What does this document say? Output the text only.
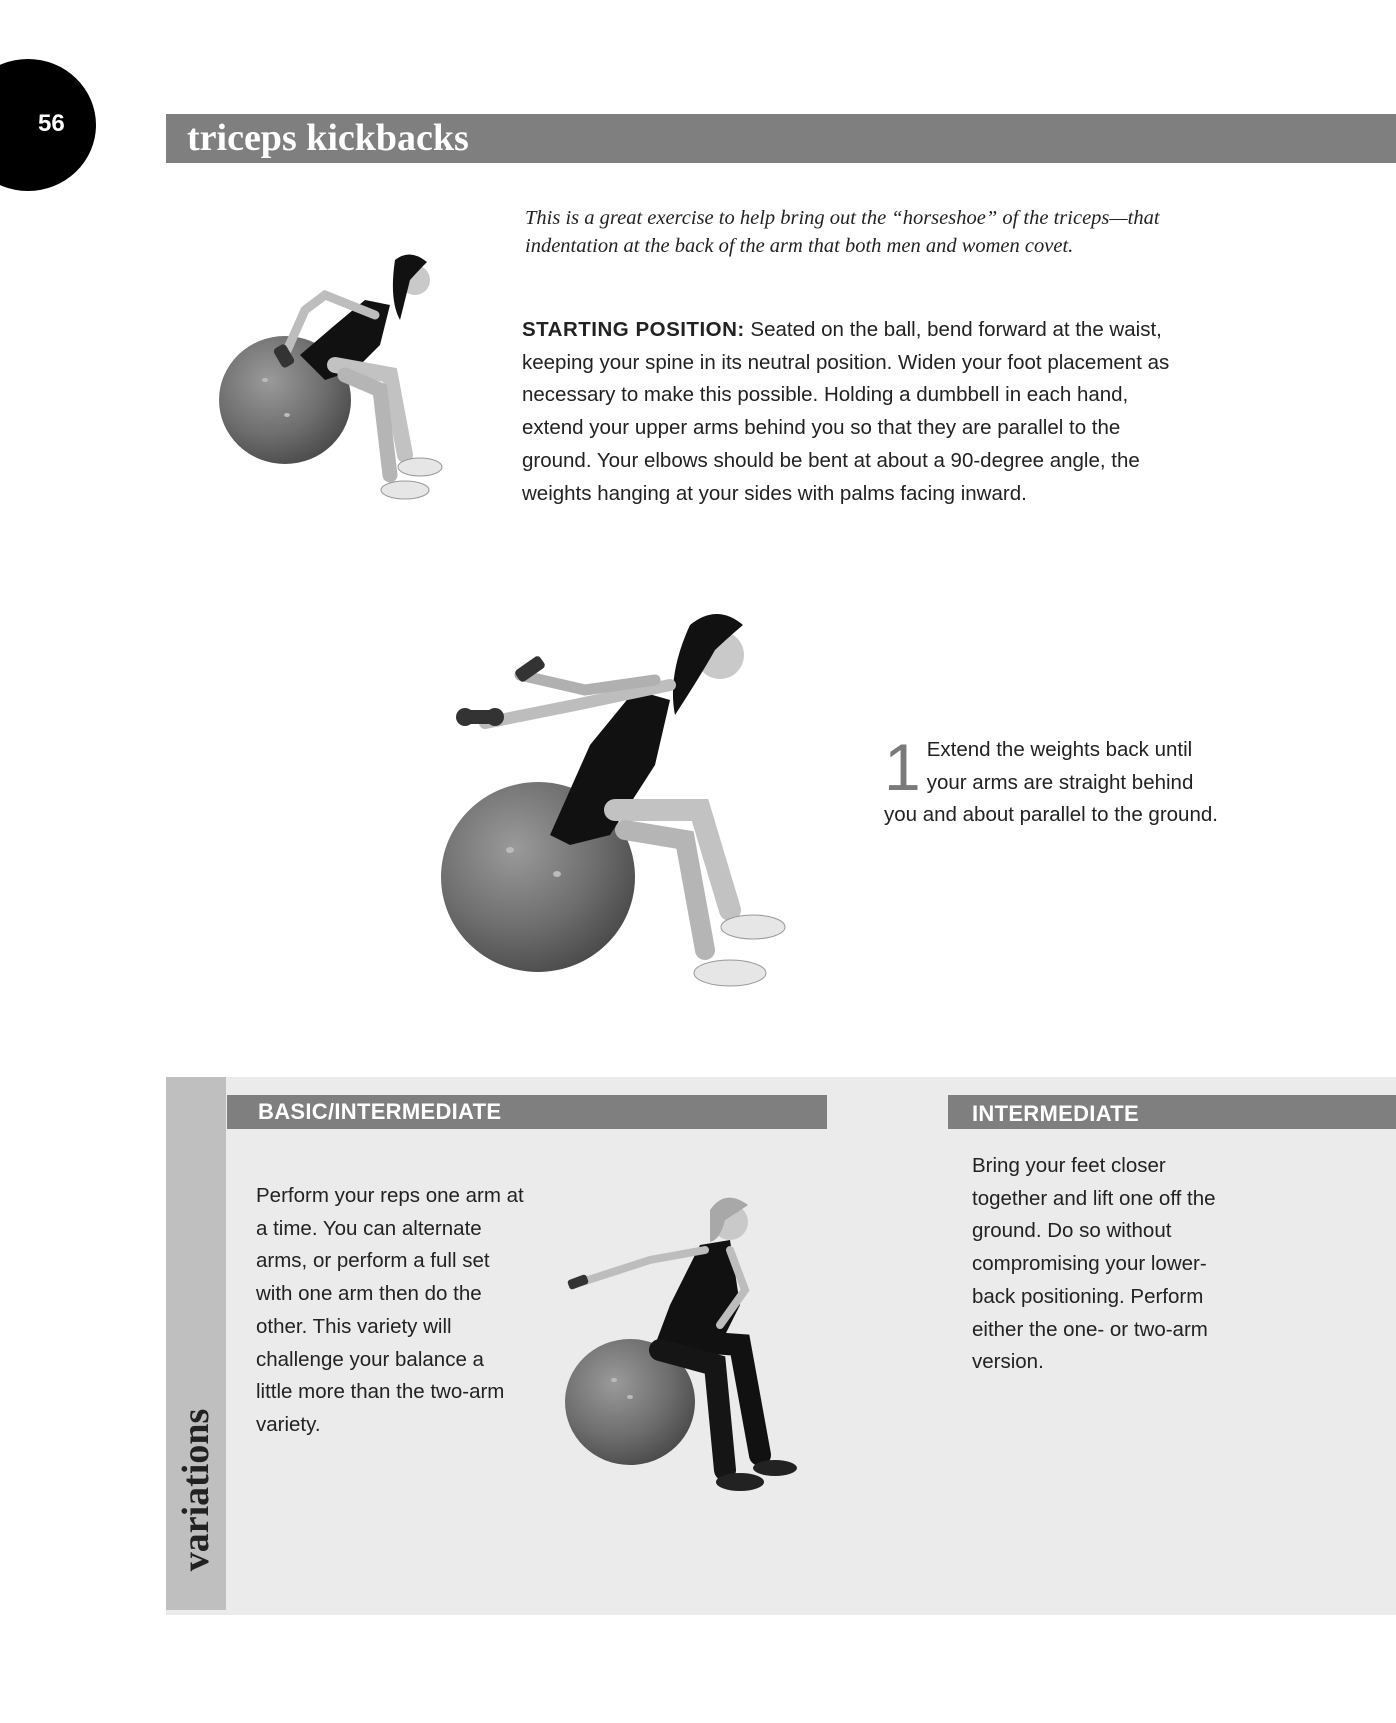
56	triceps kickbacks
This is a great exercise to help bring out the “horseshoe” of the triceps—that indentation at the back of the arm that both men and women covet.
STARTING POSITION: Seated on the ball, bend forward at the waist, keeping your spine in its neutral position. Widen your foot placement as necessary to make this possible. Holding a dumbbell in each hand, extend your upper arms behind you so that they are parallel to the ground. Your elbows should be bent at about a 90-degree angle, the weights hanging at your sides with palms facing inward.
1 Extend the weights back until your arms are straight behind you and about parallel to the ground.
variations
BASIC/INTERMEDIATE	INTERMEDIATE
Perform your reps one arm at a time. You can alternate arms, or perform a full set with one arm then do the other. This variety will challenge your balance a little more than the two-arm variety.
Bring your feet closer together and lift one off the ground. Do so without compromising your lower-back positioning. Perform either the one- or two-arm version.
